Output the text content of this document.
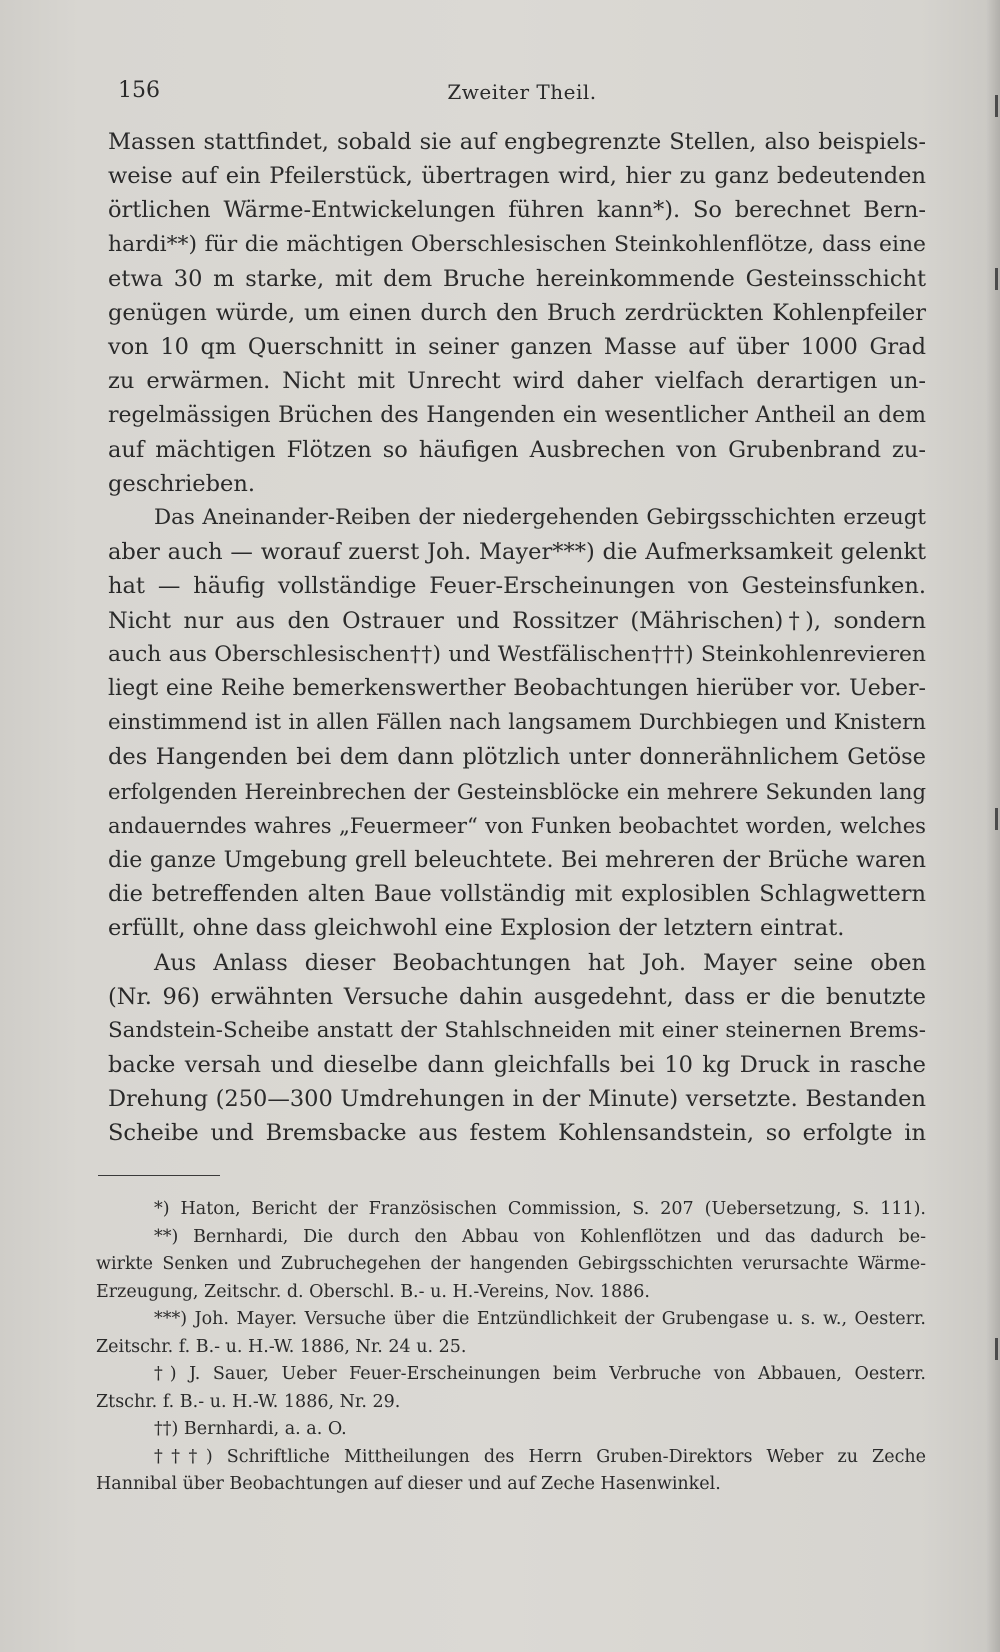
156	Zweiter Theil.
Massen stattfindet, sobald sie auf engbegrenzte Stellen, also beispiels-
weise auf ein Pfeilerstück, übertragen wird, hier zu ganz bedeutenden
örtlichen Wärme-Entwickelungen führen kann*). So berechnet Bern-
hardi**) für die mächtigen Oberschlesischen Steinkohlenflötze, dass eine
etwa 30 m starke, mit dem Bruche hereinkommende Gesteinsschicht
genügen würde, um einen durch den Bruch zerdrückten Kohlenpfeiler
von 10 qm Querschnitt in seiner ganzen Masse auf über 1000 Grad
zu erwärmen. Nicht mit Unrecht wird daher vielfach derartigen un-
regelmässigen Brüchen des Hangenden ein wesentlicher Antheil an dem
auf mächtigen Flötzen so häufigen Ausbrechen von Grubenbrand zu-
geschrieben.
Das Aneinander-Reiben der niedergehenden Gebirgsschichten erzeugt
aber auch — worauf zuerst Joh. Mayer***) die Aufmerksamkeit gelenkt
hat — häufig vollständige Feuer-Erscheinungen von Gesteinsfunken.
Nicht nur aus den Ostrauer und Rossitzer (Mährischen)†), sondern
auch aus Oberschlesischen††) und Westfälischen†††) Steinkohlenrevieren
liegt eine Reihe bemerkenswerther Beobachtungen hierüber vor. Ueber-
einstimmend ist in allen Fällen nach langsamem Durchbiegen und Knistern
des Hangenden bei dem dann plötzlich unter donnerähnlichem Getöse
erfolgenden Hereinbrechen der Gesteinsblöcke ein mehrere Sekunden lang
andauerndes wahres „Feuermeer“ von Funken beobachtet worden, welches
die ganze Umgebung grell beleuchtete. Bei mehreren der Brüche waren
die betreffenden alten Baue vollständig mit explosiblen Schlagwettern
erfüllt, ohne dass gleichwohl eine Explosion der letztern eintrat.
Aus Anlass dieser Beobachtungen hat Joh. Mayer seine oben
(Nr. 96) erwähnten Versuche dahin ausgedehnt, dass er die benutzte
Sandstein-Scheibe anstatt der Stahlschneiden mit einer steinernen Brems-
backe versah und dieselbe dann gleichfalls bei 10 kg Druck in rasche
Drehung (250—300 Umdrehungen in der Minute) versetzte. Bestanden
Scheibe und Bremsbacke aus festem Kohlensandstein, so erfolgte in
*) Haton, Bericht der Französischen Commission, S. 207 (Uebersetzung, S. 111).
**) Bernhardi, Die durch den Abbau von Kohlenflötzen und das dadurch be-
wirkte Senken und Zubruchegehen der hangenden Gebirgsschichten verursachte Wärme-
Erzeugung, Zeitschr. d. Oberschl. B.- u. H.-Vereins, Nov. 1886.
***) Joh. Mayer. Versuche über die Entzündlichkeit der Grubengase u. s. w., Oesterr.
Zeitschr. f. B.- u. H.-W. 1886, Nr. 24 u. 25.
†) J. Sauer, Ueber Feuer-Erscheinungen beim Verbruche von Abbauen, Oesterr.
Ztschr. f. B.- u. H.-W. 1886, Nr. 29.
††) Bernhardi, a. a. O.
†††) Schriftliche Mittheilungen des Herrn Gruben-Direktors Weber zu Zeche
Hannibal über Beobachtungen auf dieser und auf Zeche Hasenwinkel.
